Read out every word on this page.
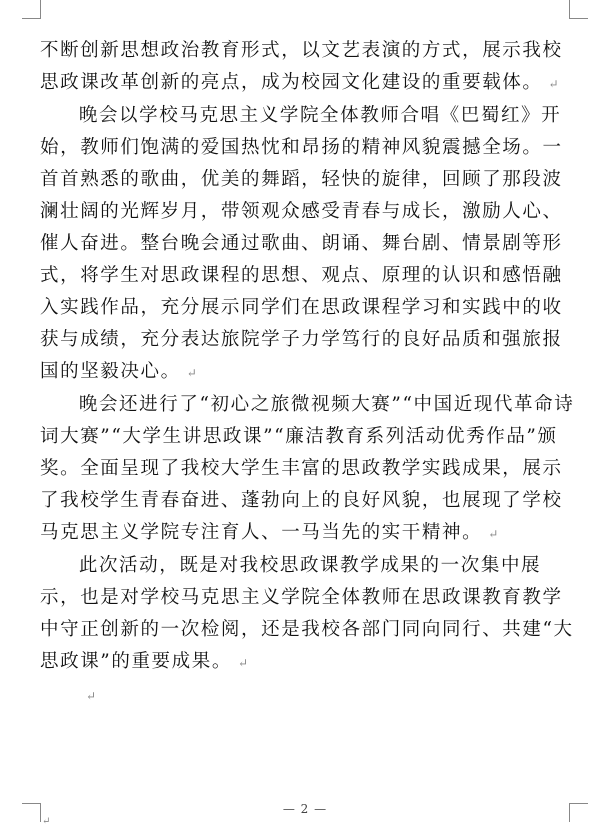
不断创新思想政治教育形式，以文艺表演的方式，展示我校思政课改革创新的亮点，成为校园文化建设的重要载体。 ↵

晚会以学校马克思主义学院全体教师合唱《巴蜀红》开始，教师们饱满的爱国热忱和昂扬的精神风貌震撼全场。一首首熟悉的歌曲，优美的舞蹈，轻快的旋律，回顾了那段波澜壮阔的光辉岁月，带领观众感受青春与成长，激励人心、催人奋进。整台晚会通过歌曲、朗诵、舞台剧、情景剧等形式，将学生对思政课程的思想、观点、原理的认识和感悟融入实践作品，充分展示同学们在思政课程学习和实践中的收获与成绩，充分表达旅院学子力学笃行的良好品质和强旅报国的坚毅决心。 ↵

晚会还进行了“初心之旅微视频大赛”“中国近现代革命诗词大赛”“大学生讲思政课”“廉洁教育系列活动优秀作品”颁奖。全面呈现了我校大学生丰富的思政教学实践成果，展示了我校学生青春奋进、蓬勃向上的良好风貌，也展现了学校马克思主义学院专注育人、一马当先的实干精神。 ↵

此次活动，既是对我校思政课教学成果的一次集中展示，也是对学校马克思主义学院全体教师在思政课教育教学中守正创新的一次检阅，还是我校各部门同向同行、共建“大思政课”的重要成果。 ↵

↵
— 2 —
↵
